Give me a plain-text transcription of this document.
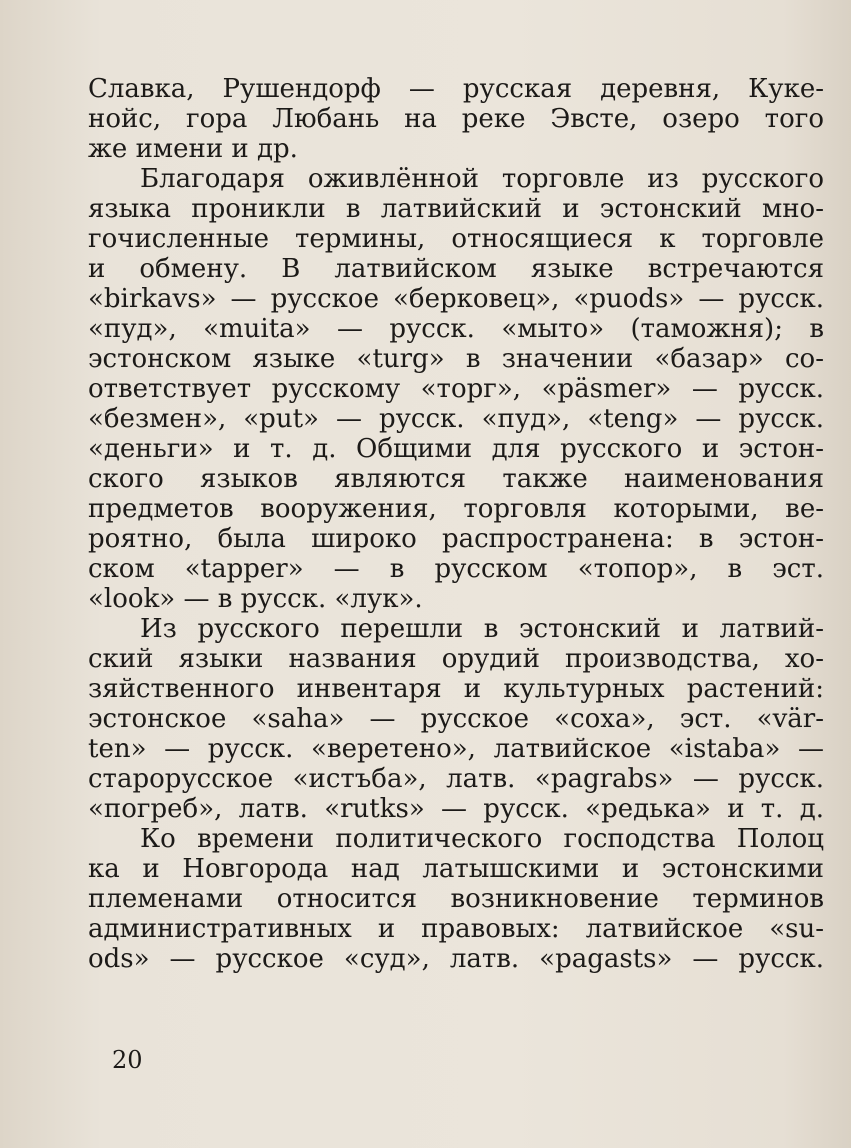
Славка, Рушендорф — русская деревня, Куке-
нойс, гора Любань на реке Эвсте, озеро того
же имени и др.
Благодаря оживлённой торговле из русского
языка проникли в латвийский и эстонский мно-
гочисленные термины, относящиеся к торговле
и обмену. В латвийском языке встречаются
«birkavs» — русское «берковец», «puods» — русск.
«пуд», «muita» — русск. «мыто» (таможня); в
эстонском языке «turg» в значении «базар» со-
ответствует русскому «торг», «päsmer» — русск.
«безмен», «put» — русск. «пуд», «teng» — русск.
«деньги» и т. д. Общими для русского и эстон-
ского языков являются также наименования
предметов вооружения, торговля которыми, ве-
роятно, была широко распространена: в эстон-
ском «tapper» — в русском «топор», в эст.
«look» — в русск. «лук».
Из русского перешли в эстонский и латвий-
ский языки названия орудий производства, хо-
зяйственного инвентаря и культурных растений:
эстонское «saha» — русское «соха», эст. «vär-
ten» — русск. «веретено», латвийское «istaba» —
старорусское «истъба», латв. «pagrabs» — русск.
«погреб», латв. «rutks» — русск. «редька» и т. д.
Ко времени политического господства Полоц
ка и Новгорода над латышскими и эстонскими
племенами относится возникновение терминов
административных и правовых: латвийское «su-
ods» — русское «суд», латв. «pagasts» — русск.
20
